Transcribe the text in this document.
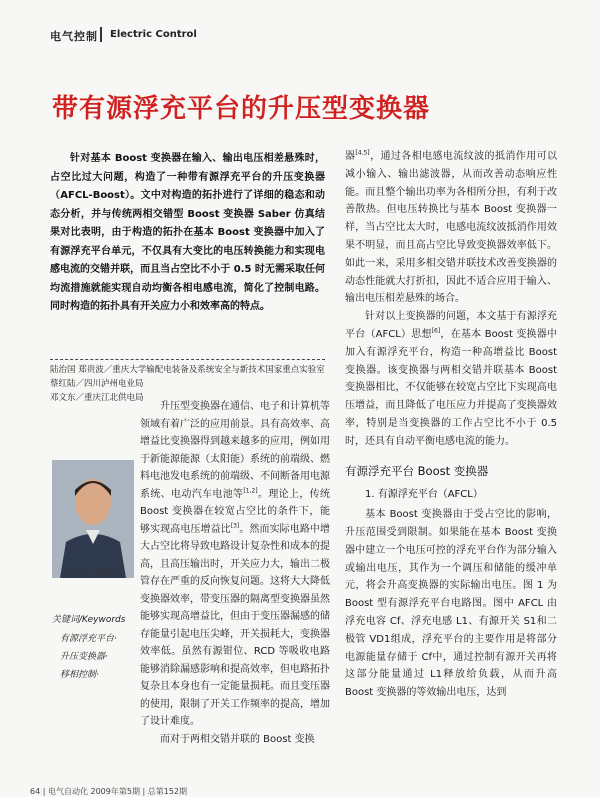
电气控制 Electric Control
带有源浮充平台的升压型变换器
针对基本 Boost 变换器在输入、输出电压相差悬殊时，占空比过大问题，构造了一种带有源浮充平台的升压变换器（AFCL-Boost）。文中对构造的拓扑进行了详细的稳态和动态分析，并与传统两相交错型 Boost 变换器 Saber 仿真结果对比表明，由于构造的拓扑在基本 Boost 变换器中加入了有源浮充平台单元，不仅具有大变比的电压转换能力和实现电感电流的交错并联，而且当占空比不小于 0.5 时无需采取任何均流措施就能实现自动均衡各相电感电流，简化了控制电路。同时构造的拓扑具有开关应力小和效率高的特点。
陆治国 郑贵波／重庆大学输配电装备及系统安全与新技术国家重点实验室
蔡红陆／四川泸州电业局
邓文东／重庆江北供电局
陆治国／副教授
关键词/Keywords
有源浮充平台·
升压变换器·
移相控制·

升压型变换器在通信、电子和计算机等领域有着广泛的应用前景。具有高效率、高增益比变换器得到越来越多的应用，例如用于新能源能源（太阳能）系统的前端级、燃料电池发电系统的前端级、不间断备用电源系统、电动汽车电池等[1,2]。理论上，传统 Boost 变换器在较宽占空比的条件下，能够实现高电压增益比[3]。然而实际电路中增大占空比将导致电路设计复杂性和成本的提高，且高压输出时，开关应力大，输出二极管存在严重的反向恢复问题。这将大大降低变换器效率，带变压器的隔离型变换器虽然能够实现高增益比，但由于变压器漏感的储存能量引起电压尖峰，开关损耗大，变换器效率低。虽然有源钳位、RCD 等吸收电路能够消除漏感影响和提高效率，但电路拓扑复杂且本身也有一定能量损耗。而且变压器的使用，限制了开关工作频率的提高，增加了设计难度。

而对于两相交错并联的 Boost 变换

器[4,5]，通过各相电感电流纹波的抵消作用可以减小输入、输出滤波器，从而改善动态响应性能。而且整个输出功率为各相所分担，有利于改善散热。但电压转换比与基本 Boost 变换器一样，当占空比太大时，电感电流纹波抵消作用效果不明显，而且高占空比导致变换器效率低下。如此一来，采用多相交错并联技术改善变换器的动态性能就大打折扣，因此不适合应用于输入、输出电压相差悬殊的场合。

针对以上变换器的问题，本文基于有源浮充平台（AFCL）思想[6]，在基本 Boost 变换器中加入有源浮充平台，构造一种高增益比 Boost 变换器。该变换器与两相交错并联基本 Boost 变换器相比，不仅能够在较宽占空比下实现高电压增益，而且降低了电压应力并提高了变换器效率，特别是当变换器的工作占空比不小于 0.5 时，还具有自动平衡电感电流的能力。

有源浮充平台 Boost 变换器
1. 有源浮充平台（AFCL）

基本 Boost 变换器由于受占空比的影响，升压范围受到限制。如果能在基本 Boost 变换器中建立一个电压可控的浮充平台作为部分输入或输出电压，其作为一个调压和储能的缓冲单元，将会升高变换器的实际输出电压。图 1 为 Boost 型有源浮充平台电路图。图中 AFCL 由浮充电容 Cf、浮充电感 L1、有源开关 S1和二极管 VD1组成，浮充平台的主要作用是将部分电源能量存储于 Cf中，通过控制有源开关再将这部分能量通过 L1释放给负载，从而升高 Boost 变换器的等效输出电压，达到

64 | 电气自动化 2009年第5期 | 总第152期
